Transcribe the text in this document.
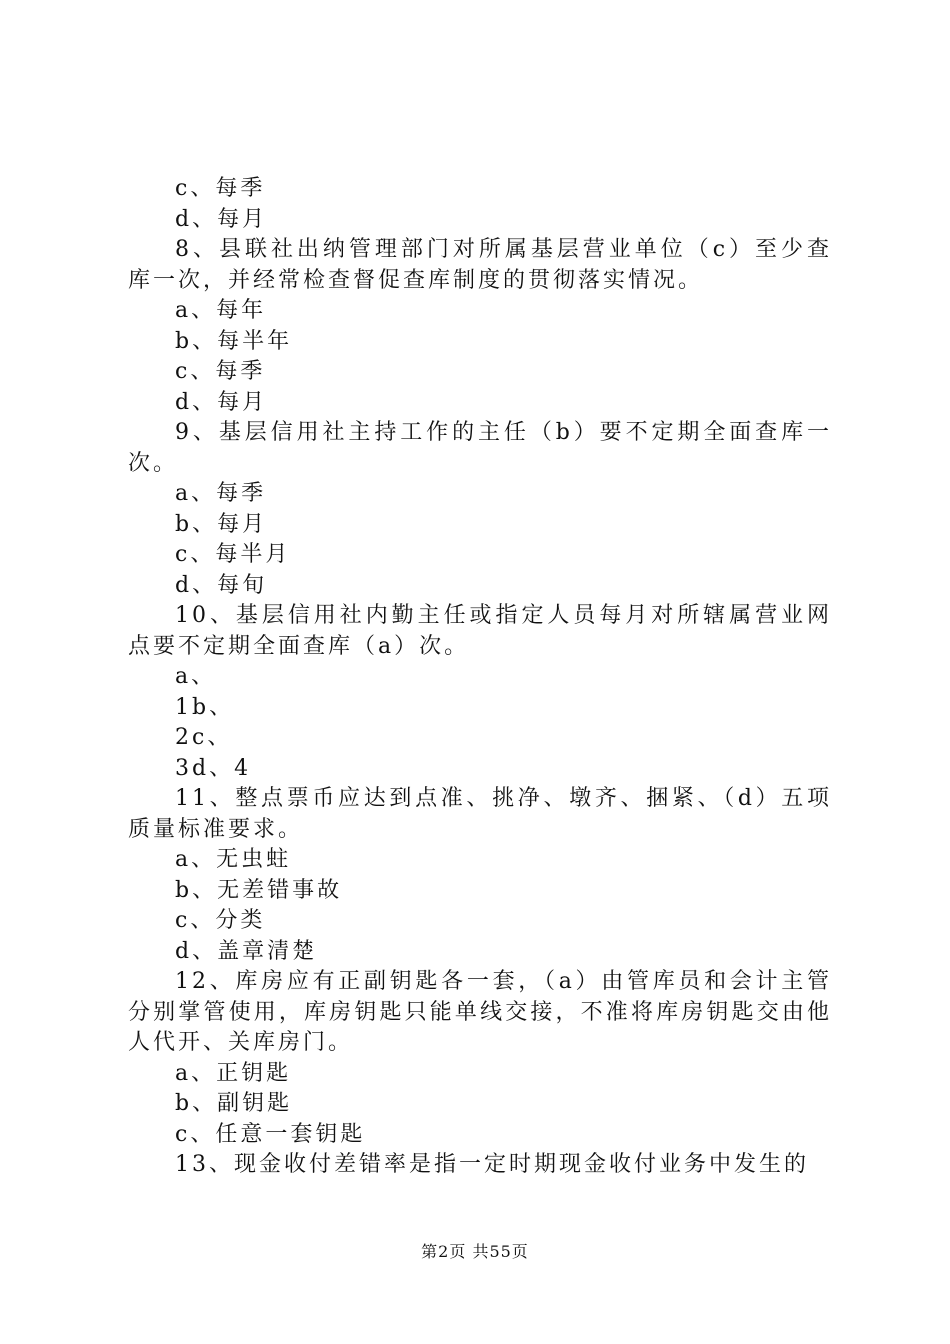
c、每季
d、每月

8、县联社出纳管理部门对所属基层营业单位（c）至少查库一次，并经常检查督促查库制度的贯彻落实情况。

a、每年
b、每半年
c、每季
d、每月

9、基层信用社主持工作的主任（b）要不定期全面查库一次。

a、每季
b、每月
c、每半月
d、每旬

10、基层信用社内勤主任或指定人员每月对所辖属营业网点要不定期全面查库（a）次。

a、
1b、
2c、
3d、4

11、整点票币应达到点准、挑净、墩齐、捆紧、（d）五项质量标准要求。

a、无虫蛀
b、无差错事故
c、分类
d、盖章清楚

12、库房应有正副钥匙各一套，（a）由管库员和会计主管分别掌管使用，库房钥匙只能单线交接，不准将库房钥匙交由他人代开、关库房门。

a、正钥匙
b、副钥匙
c、任意一套钥匙

13、现金收付差错率是指一定时期现金收付业务中发生的

第2页 共55页
